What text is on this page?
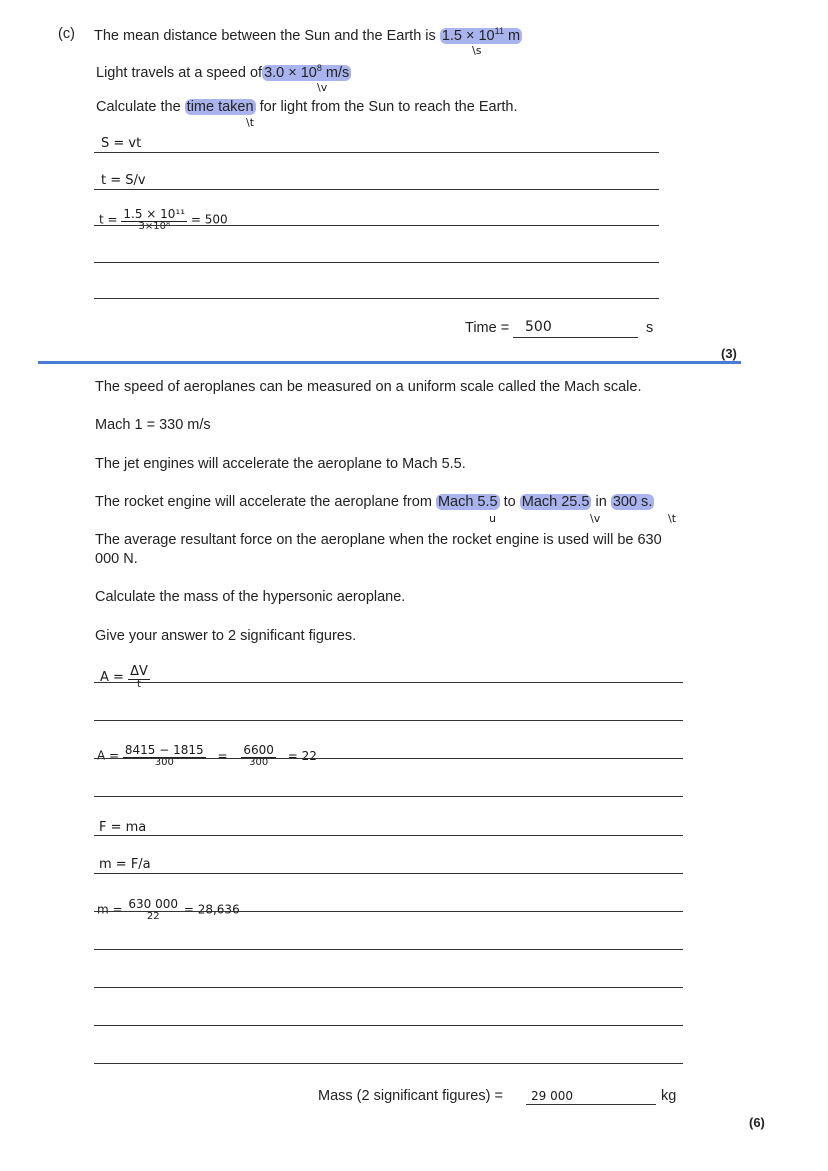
(c) The mean distance between the Sun and the Earth is $1.5 \times 10^{11}$ m
\s
Light travels at a speed of $3.0 \times 10^8$ m/s
\v
Calculate the time taken for light from the Sun to reach the Earth.
\t
S = vt
t = S/v
$t = \frac{\text{1.5 × 10¹¹}}{\text{3×10⁸}} = 500$
Time = 500	s
(3)
The speed of aeroplanes can be measured on a uniform scale called the Mach scale.
Mach 1 = 330 m/s
The jet engines will accelerate the aeroplane to Mach 5.5.
The rocket engine will accelerate the aeroplane from Mach 5.5 to Mach 25.5 in 300 s.
u	\v	\t
The average resultant force on the aeroplane when the rocket engine is used will be 630
000 N.
Calculate the mass of the hypersonic aeroplane.
Give your answer to 2 significant figures.
$A = \frac{\Delta V}{t}$
$A = \frac{8415 - 1815}{300} = \frac{6600}{300} = 22$
F = ma
m = F/a
$m = \frac{630 000}{22} = 28,636$
Mass (2 significant figures) = 29 000	kg
(6)
